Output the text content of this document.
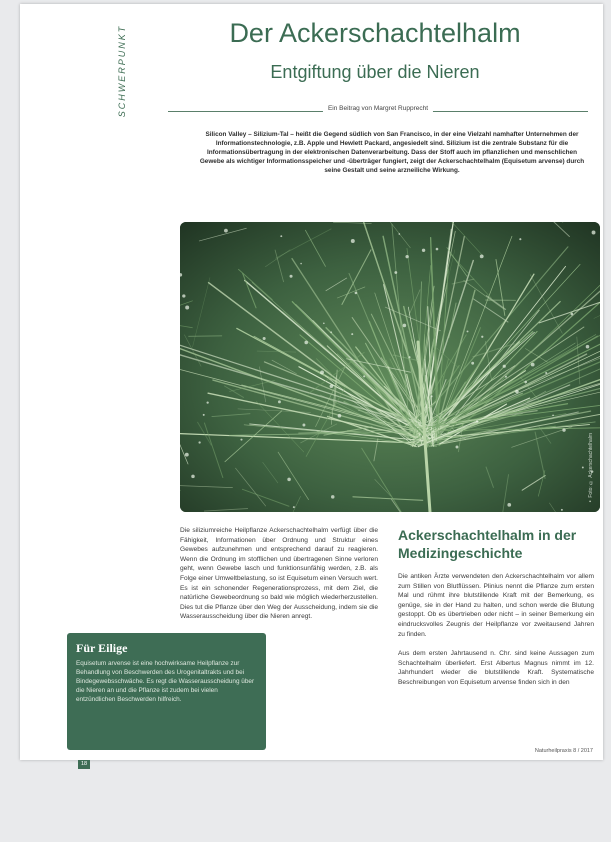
SCHWERPUNKT	Der Ackerschachtelhalm
Entgiftung über die Nieren
Ein Beitrag von Margret Rupprecht
Silicon Valley – Silizium-Tal – heißt die Gegend südlich von San Francisco, in der eine Vielzahl namhafter Unternehmen der Informationstechnologie, z.B. Apple und Hewlett Packard, angesiedelt sind. Silizium ist die zentrale Substanz für die Informationsübertragung in der elektronischen Datenverarbeitung. Dass der Stoff auch im pflanzlichen und menschlichen Gewebe als wichtiger Informationsspeicher und -überträger fungiert, zeigt der Ackerschachtelhalm (Equisetum arvense) durch seine Gestalt und seine arzneiliche Wirkung.
Foto: © Ackerschachtelhalm
Die siliziumreiche Heilpflanze Ackerschachtelhalm verfügt über die Fähigkeit, Informationen über Ordnung und Struktur eines Gewebes aufzunehmen und entsprechend darauf zu reagieren. Wenn die Ordnung im stofflichen und übertragenen Sinne verloren geht, wenn Gewebe lasch und funktionsunfähig werden, z.B. als Folge einer Umweltbelastung, so ist Equisetum einen Versuch wert. Es ist ein schonender Regenerationsprozess, mit dem Ziel, die natürliche Gewebeordnung so bald wie möglich wiederherzustellen. Dies tut die Pflanze über den Weg der Ausscheidung, indem sie die Wasserausscheidung über die Nieren anregt.
Ackerschachtelhalm in der Medizingeschichte

Die antiken Ärzte verwendeten den Ackerschachtelhalm vor allem zum Stillen von Blutflüssen. Plinius nennt die Pflanze zum ersten Mal und rühmt ihre blutstillende Kraft mit der Bemerkung, es genüge, sie in der Hand zu halten, und schon werde die Blutung gestoppt. Ob es übertrieben oder nicht – in seiner Bemerkung ein eindrucksvolles Zeugnis der Heilpflanze vor zweitausend Jahren zu finden.

Aus dem ersten Jahrtausend n. Chr. sind keine Aussagen zum Schachtelhalm überliefert. Erst Albertus Magnus nimmt im 12. Jahrhundert wieder die blutstillende Kraft. Systematische Beschreibungen von Equisetum arvense finden sich in den

Für Eilige

Equisetum arvense ist eine hochwirksame Heilpflanze zur Behandlung von Beschwerden des Urogenitaltrakts und bei Bindegewebsschwäche. Es regt die Wasserausscheidung über die Nieren an und die Pflanze ist zudem bei vielen entzündlichen Beschwerden hilfreich.

Naturheilpraxis 8 / 2017
18
